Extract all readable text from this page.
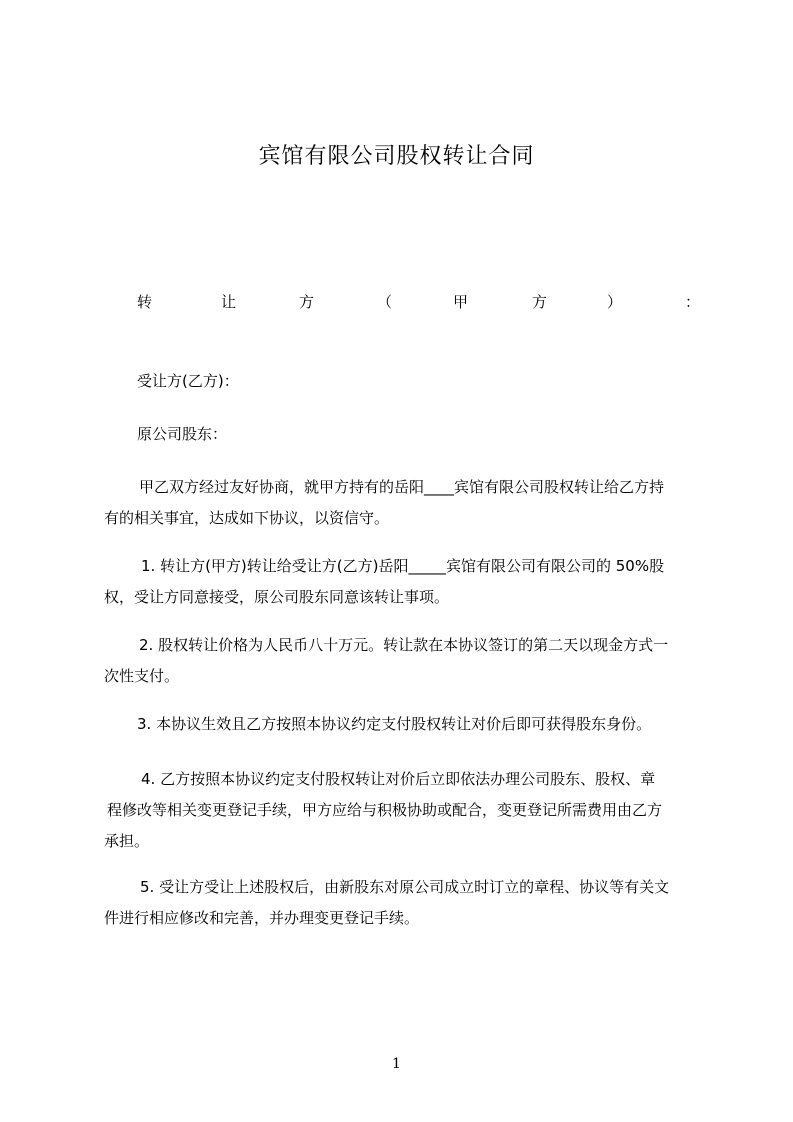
宾馆有限公司股权转让合同
转	让	方	（	甲	方	）	：

受让方(乙方)：

原公司股东：

甲乙双方经过友好协商，就甲方持有的岳阳____宾馆有限公司股权转让给乙方持
有的相关事宜，达成如下协议，以资信守。

1. 转让方(甲方)转让给受让方(乙方)岳阳_____宾馆有限公司有限公司的 50%股
权，受让方同意接受，原公司股东同意该转让事项。

2. 股权转让价格为人民币八十万元。转让款在本协议签订的第二天以现金方式一
次性支付。

3. 本协议生效且乙方按照本协议约定支付股权转让对价后即可获得股东身份。

4. 乙方按照本协议约定支付股权转让对价后立即依法办理公司股东、股权、章
程修改等相关变更登记手续，甲方应给与积极协助或配合，变更登记所需费用由乙方
承担。

5. 受让方受让上述股权后，由新股东对原公司成立时订立的章程、协议等有关文
件进行相应修改和完善，并办理变更登记手续。

1
